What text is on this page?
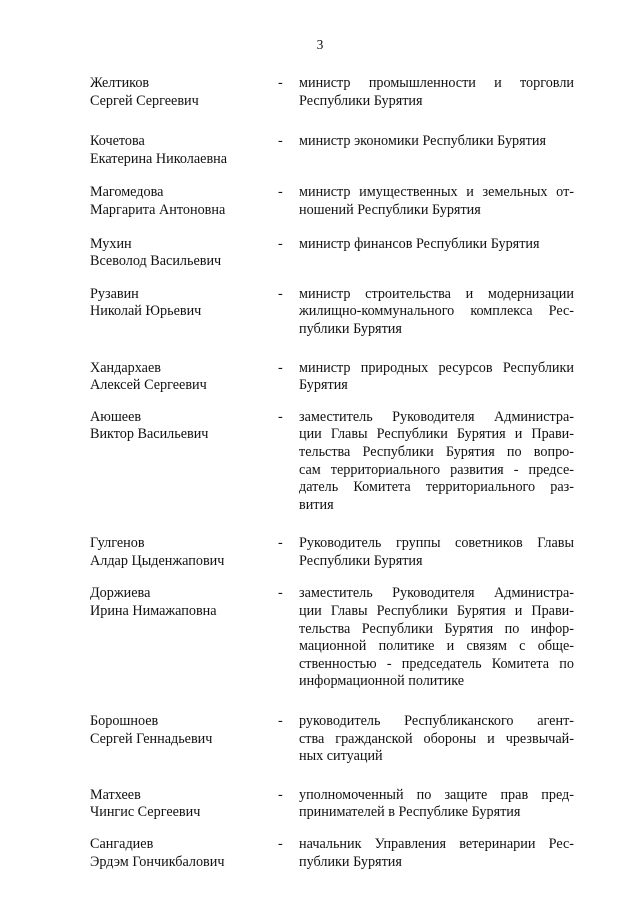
3
Желтиков
Сергей Сергеевич
-	министр промышленности и торговли
Республики Бурятия
Кочетова
Екатерина Николаевна
-	министр экономики Республики Бурятия
Магомедова
Маргарита Антоновна
-	министр имущественных и земельных от-
ношений Республики Бурятия
Мухин
Всеволод Васильевич
-	министр финансов Республики Бурятия
Рузавин
Николай Юрьевич
-	министр строительства и модернизации
жилищно-коммунального комплекса Рес-
публики Бурятия
Хандархаев
Алексей Сергеевич
-	министр природных ресурсов Республики
Бурятия
Аюшеев
Виктор Васильевич
-	заместитель Руководителя Администра-
ции Главы Республики Бурятия и Прави-
тельства Республики Бурятия по вопро-
сам территориального развития - предсе-
датель Комитета территориального раз-
вития
Гулгенов
Алдар Цыденжапович
-	Руководитель группы советников Главы
Республики Бурятия
Доржиева
Ирина Нимажаповна
-	заместитель Руководителя Администра-
ции Главы Республики Бурятия и Прави-
тельства Республики Бурятия по инфор-
мационной политике и связям с обще-
ственностью - председатель Комитета по
информационной политике
Борошноев
Сергей Геннадьевич
-	руководитель Республиканского агент-
ства гражданской обороны и чрезвычай-
ных ситуаций
Матхеев
Чингис Сергеевич
-	уполномоченный по защите прав пред-
принимателей в Республике Бурятия
Сангадиев
Эрдэм Гончикбалович
-	начальник Управления ветеринарии Рес-
публики Бурятия
